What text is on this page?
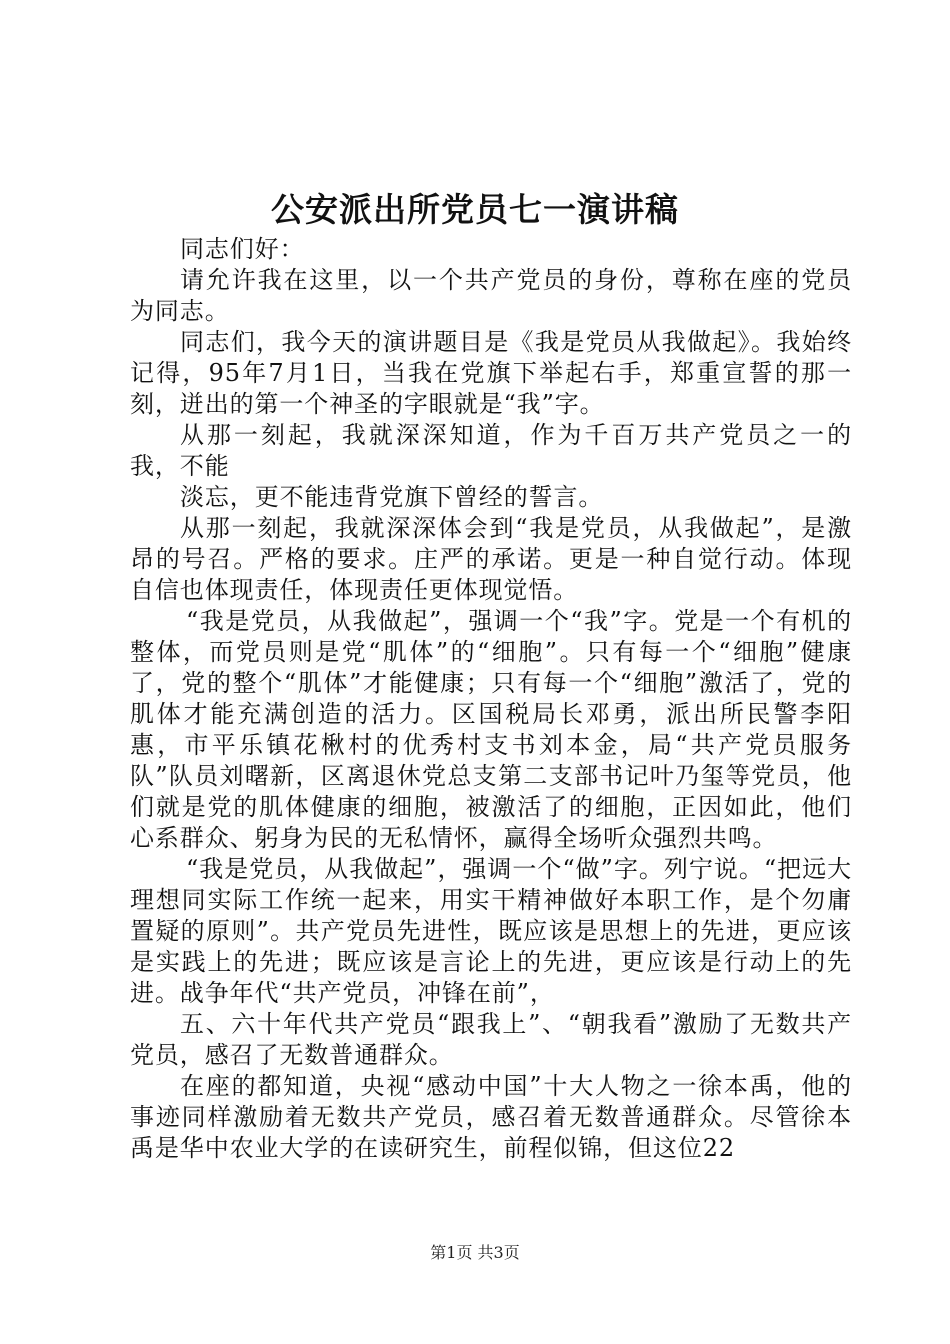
公安派出所党员七一演讲稿

同志们好：

请允许我在这里，以一个共产党员的身份，尊称在座的党员为同志。

同志们，我今天的演讲题目是《我是党员从我做起》。我始终记得，95年7月1日，当我在党旗下举起右手，郑重宣誓的那一刻，迸出的第一个神圣的字眼就是“我”字。

从那一刻起，我就深深知道，作为千百万共产党员之一的我，不能

淡忘，更不能违背党旗下曾经的誓言。

从那一刻起，我就深深体会到“我是党员，从我做起”，是激昂的号召。严格的要求。庄严的承诺。更是一种自觉行动。体现自信也体现责任，体现责任更体现觉悟。

“我是党员，从我做起”，强调一个“我”字。党是一个有机的整体，而党员则是党“肌体”的“细胞”。只有每一个“细胞”健康了，党的整个“肌体”才能健康；只有每一个“细胞”激活了，党的肌体才能充满创造的活力。区国税局长邓勇，派出所民警李阳惠，市平乐镇花楸村的优秀村支书刘本金，局“共产党员服务队”队员刘曙新，区离退休党总支第二支部书记叶乃玺等党员，他们就是党的肌体健康的细胞，被激活了的细胞，正因如此，他们心系群众、躬身为民的无私情怀，赢得全场听众强烈共鸣。

“我是党员，从我做起”，强调一个“做”字。列宁说。“把远大理想同实际工作统一起来，用实干精神做好本职工作，是个勿庸置疑的原则”。共产党员先进性，既应该是思想上的先进，更应该是实践上的先进；既应该是言论上的先进，更应该是行动上的先进。战争年代“共产党员，冲锋在前”，

五、六十年代共产党员“跟我上”、“朝我看”激励了无数共产党员，感召了无数普通群众。

在座的都知道，央视“感动中国”十大人物之一徐本禹，他的事迹同样激励着无数共产党员，感召着无数普通群众。尽管徐本禹是华中农业大学的在读研究生，前程似锦，但这位22

第1页 共3页
